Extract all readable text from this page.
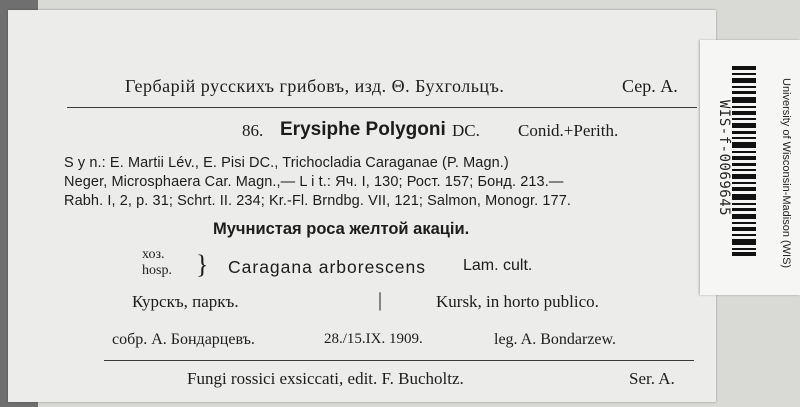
Гербарій русскихъ грибовъ, изд. Θ. Бухгольцъ.	Сер. А.
86. Erysiphe Polygoni DC. Conid.+Perith.
S y n.: E. Martii Lév., E. Pisi DC., Trichocladia Caraganae (P. Magn.)
Neger, Microsphaera Car. Magn.,— L i t.: Яч. I, 130; Рост. 157; Бонд. 213.—
Rabh. I, 2, p. 31; Schrt. II. 234; Kr.-Fl. Brndbg. VII, 121; Salmon, Monogr. 177.
Мучнистая роса желтой акаціи.
хоз.
hosp. } Caragana arborescens Lam. cult.
Курскъ, паркъ.	|	Kursk, in horto publico.
собр. А. Бондарцевъ.	28./15.IX. 1909.	leg. A. Bondarzew.
Fungi rossici exsiccati, edit. F. Bucholtz.	Ser. A.
University of Wisconsin-Madison (WIS)
WIS-f-0069645
